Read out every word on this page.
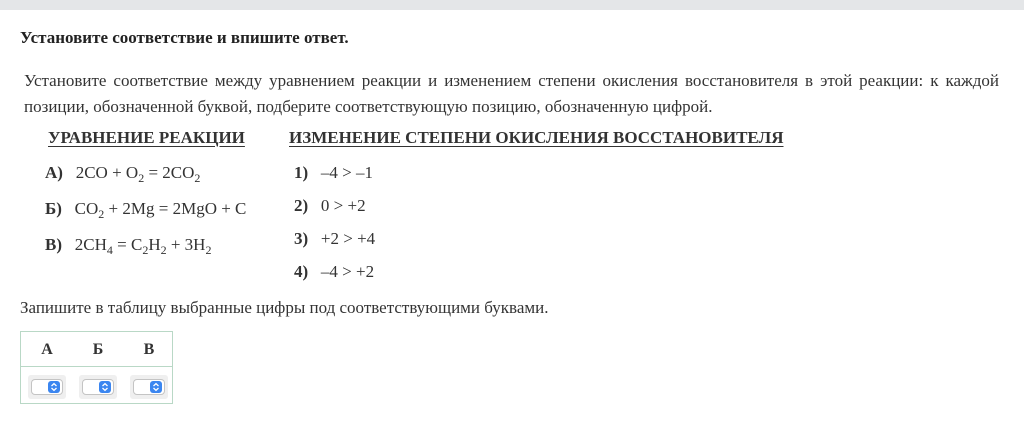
Установите соответствие и впишите ответ.
Установите соответствие между уравнением реакции и изменением степени окисления восстановителя в этой реакции: к каждой позиции, обозначенной буквой, подберите соответствующую позицию, обозначенную цифрой.
УРАВНЕНИЕ РЕАКЦИИ	ИЗМЕНЕНИЕ СТЕПЕНИ ОКИСЛЕНИЯ ВОССТАНОВИТЕЛЯ
А) $2CO + O_2 = 2CO_2$
Б) $CO_2 + 2Mg = 2MgO + C$
В) $2CH_4 = C_2H_2 + 3H_2$
1) –4 > –1
2) 0 > +2
3) +2 > +4
4) –4 > +2
Запишите в таблицу выбранные цифры под соответствующими буквами.
А	Б	В
